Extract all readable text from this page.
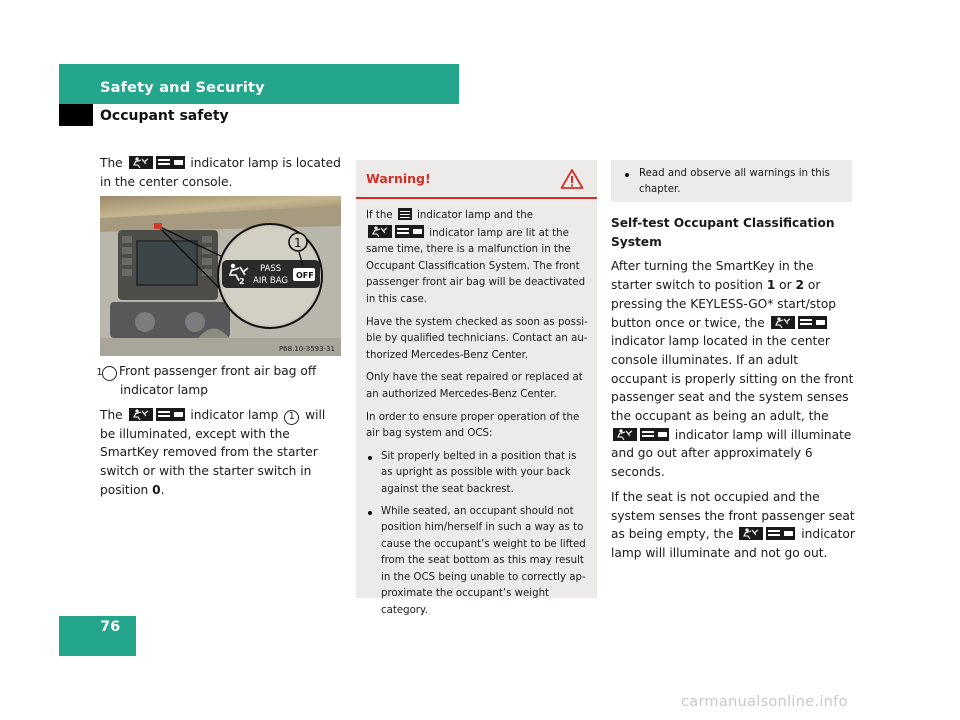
Safety and Security
Occupant safety

The	indicator lamp is located in the center console.

2
PASS
AIR BAG
OFF
1
P68.10-3593-31

1 Front passenger front air bag off indicator lamp

The	indicator lamp 1 will be illuminated, except with the SmartKey removed from the starter switch or with the starter switch in position 0.

Warning!

If the indicator lamp and the
indicator lamp are lit at the same time, there is a malfunction in the Occupant Classification System. The front passenger front air bag will be deactivated in this case.

Have the system checked as soon as possi-ble by qualified technicians. Contact an au-thorized Mercedes-Benz Center.

Only have the seat repaired or replaced at an authorized Mercedes-Benz Center.

In order to ensure proper operation of the air bag system and OCS:

Sit properly belted in a position that is as upright as possible with your back against the seat backrest.
While seated, an occupant should not position him/herself in such a way as to cause the occupant’s weight to be lifted from the seat bottom as this may result in the OCS being unable to correctly ap-proximate the occupant’s weight category.
Read and observe all warnings in this chapter.

Self-test Occupant Classification System

After turning the SmartKey in the starter switch to position 1 or 2 or pressing the KEYLESS-GO* start/stop button once or twice, the
indicator lamp located in the center console illuminates. If an adult occupant is properly sitting on the front passenger seat and the system senses the occupant as being an adult, the
indicator lamp will illuminate and go out after approximately 6 seconds.

If the seat is not occupied and the system senses the front passenger seat as being empty, the	indicator lamp will illuminate and not go out.

76
carmanualsonline.info
